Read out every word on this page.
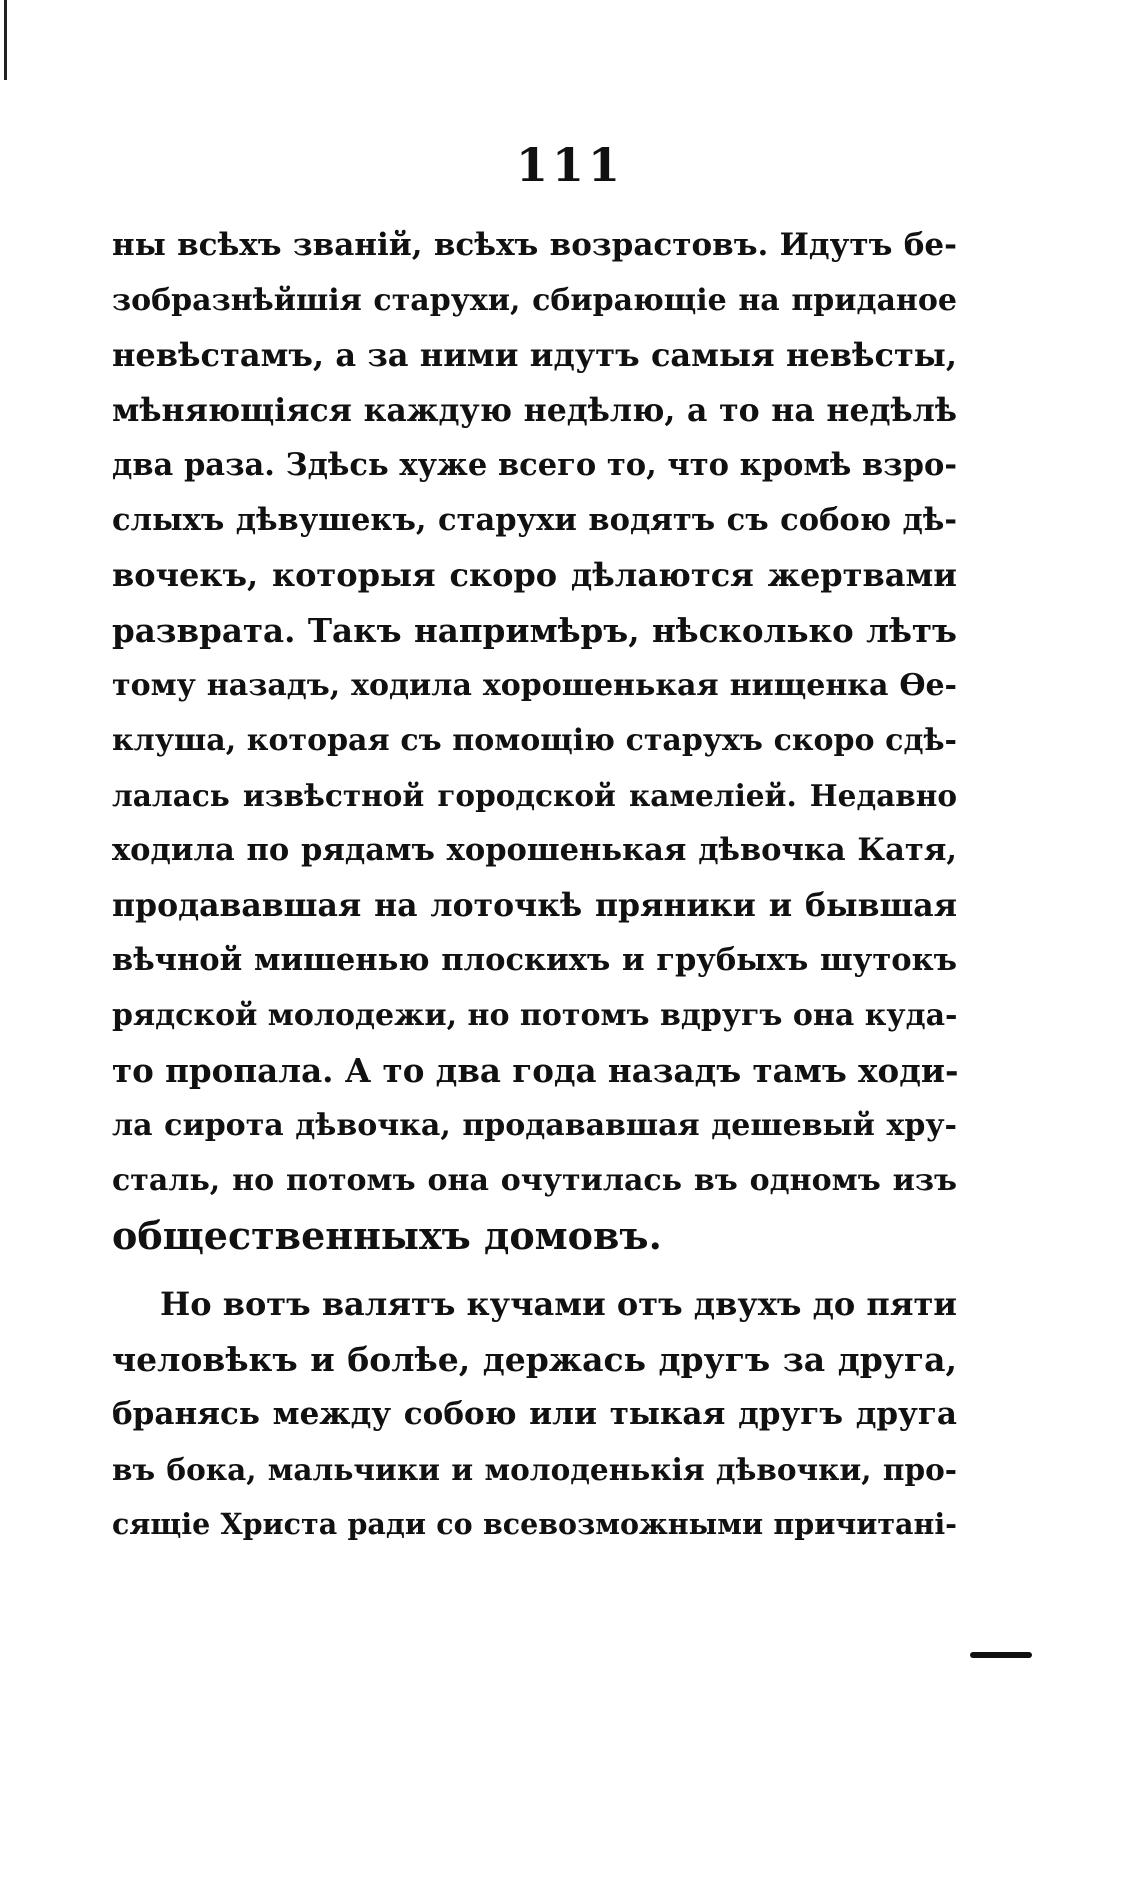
111
ны всѣхъ званій, всѣхъ возрастовъ. Идутъ бе-
зобразнѣйшія старухи, сбирающіе на приданое
невѣстамъ, а за ними идутъ самыя невѣсты,
мѣняющіяся каждую недѣлю, а то на недѣлѣ
два раза. Здѣсь хуже всего то, что кромѣ взро-
слыхъ дѣвушекъ, старухи водятъ съ собою дѣ-
вочекъ, которыя скоро дѣлаются жертвами
разврата. Такъ напримѣръ, нѣсколько лѣтъ
тому назадъ, ходила хорошенькая нищенка Ѳе-
клуша, которая съ помощію старухъ скоро сдѣ-
лалась извѣстной городской камеліей. Недавно
ходила по рядамъ хорошенькая дѣвочка Катя,
продававшая на лоточкѣ пряники и бывшая
вѣчной мишенью плоскихъ и грубыхъ шутокъ
рядской молодежи, но потомъ вдругъ она куда-
то пропала. А то два года назадъ тамъ ходи-
ла сирота дѣвочка, продававшая дешевый хру-
сталь, но потомъ она очутилась въ одномъ изъ
общественныхъ домовъ.
Но вотъ валятъ кучами отъ двухъ до пяти
человѣкъ и болѣе, держась другъ за друга,
бранясь между собою или тыкая другъ друга
въ бока, мальчики и молоденькія дѣвочки, про-
сящіе Христа ради со всевозможными причитані-
